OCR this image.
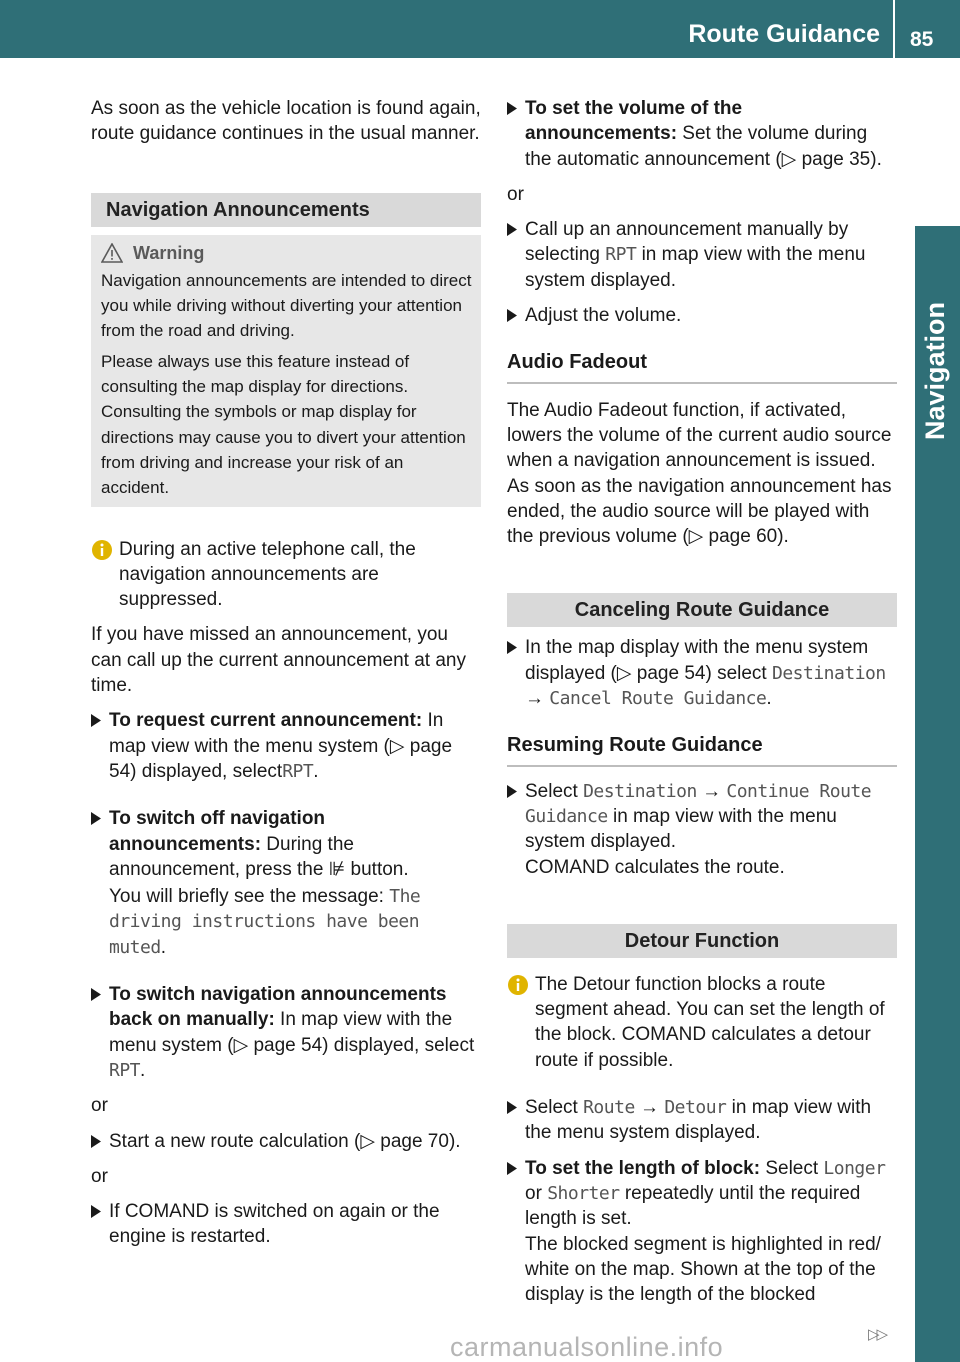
Route Guidance 85
Navigation

As soon as the vehicle location is found again, route guidance continues in the usual manner.

Navigation Announcements
Warning

Navigation announcements are intended to direct you while driving without diverting your attention from the road and driving.

Please always use this feature instead of consulting the map display for directions. Consulting the symbols or map display for directions may cause you to divert your attention from driving and increase your risk of an accident.

During an active telephone call, the navigation announcements are suppressed.

If you have missed an announcement, you can call up the current announcement at any time.

To request current announcement: In map view with the menu system (▷ page 54) displayed, selectRPT.
To switch off navigation announcements: During the announcement, press the ⊯ button.
You will briefly see the message: The driving instructions have been muted.
To switch navigation announcements back on manually: In map view with the menu system (▷ page 54) displayed, select RPT.

or

Start a new route calculation (▷ page 70).

or

If COMAND is switched on again or the engine is restarted.
To set the volume of the announcements: Set the volume during the automatic announcement (▷ page 35).

or

Call up an announcement manually by selecting RPT in map view with the menu system displayed.
Adjust the volume.
Audio Fadeout

The Audio Fadeout function, if activated, lowers the volume of the current audio source when a navigation announcement is issued. As soon as the navigation announcement has ended, the audio source will be played with the previous volume (▷ page 60).

Canceling Route Guidance
In the map display with the menu system displayed (▷ page 54) select Destination → Cancel Route Guidance.
Resuming Route Guidance
Select Destination → Continue Route Guidance in map view with the menu system displayed.
COMAND calculates the route.
Detour Function

The Detour function blocks a route segment ahead. You can set the length of the block. COMAND calculates a detour route if possible.

Select Route → Detour in map view with the menu system displayed.
To set the length of block: Select Longer or Shorter repeatedly until the required length is set.
The blocked segment is highlighted in red/ white on the map. Shown at the top of the display is the length of the blocked
▷▷
carmanualsonline.info
